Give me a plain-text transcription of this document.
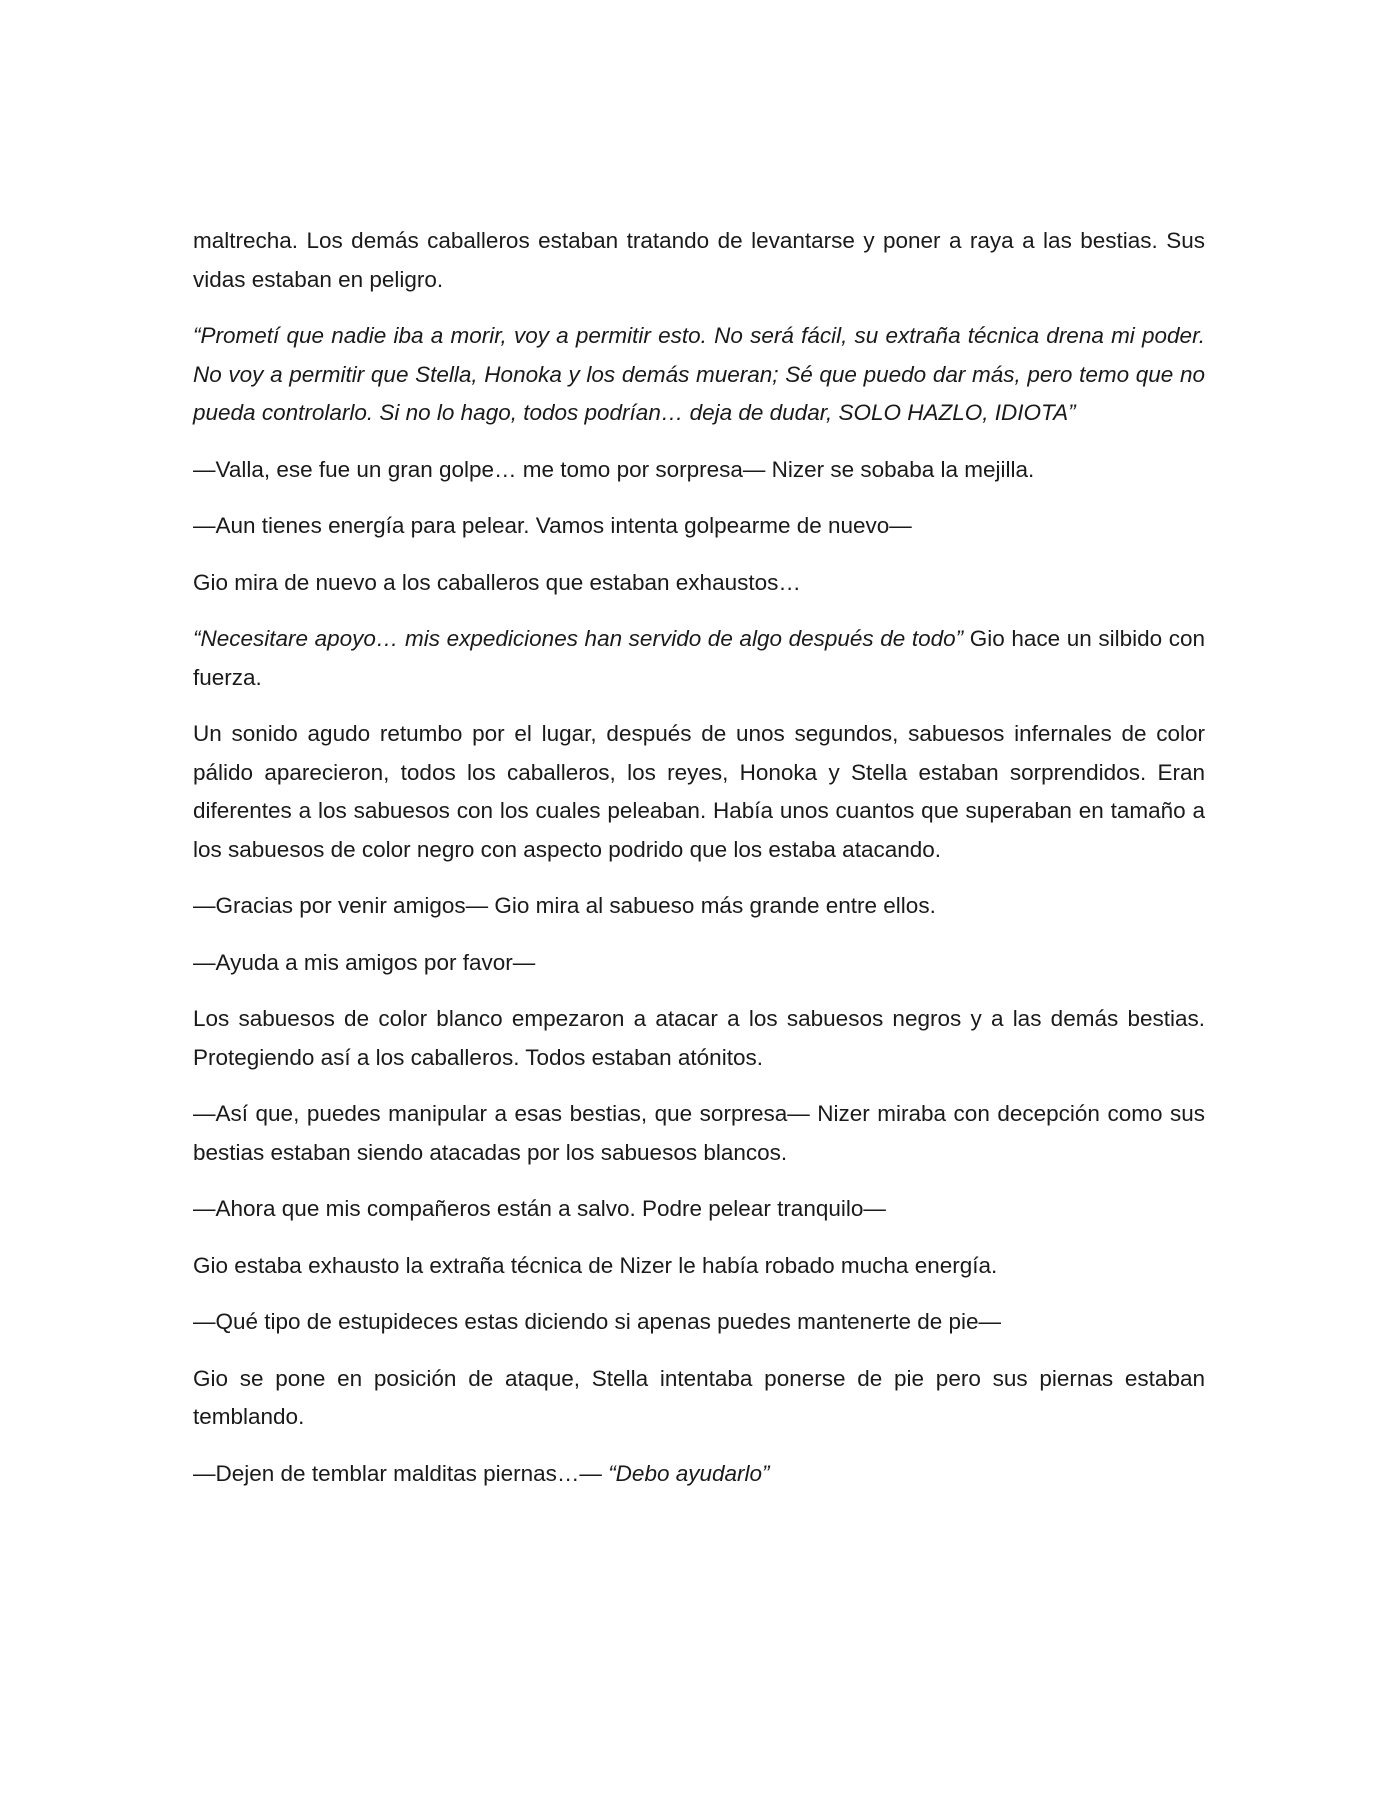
maltrecha. Los demás caballeros estaban tratando de levantarse y poner a raya a las bestias. Sus vidas estaban en peligro.

“Prometí que nadie iba a morir, voy a permitir esto. No será fácil, su extraña técnica drena mi poder. No voy a permitir que Stella, Honoka y los demás mueran; Sé que puedo dar más, pero temo que no pueda controlarlo. Si no lo hago, todos podrían… deja de dudar, SOLO HAZLO, IDIOTA”

—Valla, ese fue un gran golpe… me tomo por sorpresa— Nizer se sobaba la mejilla.

—Aun tienes energía para pelear. Vamos intenta golpearme de nuevo—

Gio mira de nuevo a los caballeros que estaban exhaustos…

“Necesitare apoyo… mis expediciones han servido de algo después de todo” Gio hace un silbido con fuerza.

Un sonido agudo retumbo por el lugar, después de unos segundos, sabuesos infernales de color pálido aparecieron, todos los caballeros, los reyes, Honoka y Stella estaban sorprendidos. Eran diferentes a los sabuesos con los cuales peleaban. Había unos cuantos que superaban en tamaño a los sabuesos de color negro con aspecto podrido que los estaba atacando.

—Gracias por venir amigos— Gio mira al sabueso más grande entre ellos.

—Ayuda a mis amigos por favor—

Los sabuesos de color blanco empezaron a atacar a los sabuesos negros y a las demás bestias. Protegiendo así a los caballeros. Todos estaban atónitos.

—Así que, puedes manipular a esas bestias, que sorpresa— Nizer miraba con decepción como sus bestias estaban siendo atacadas por los sabuesos blancos.

—Ahora que mis compañeros están a salvo. Podre pelear tranquilo—

Gio estaba exhausto la extraña técnica de Nizer le había robado mucha energía.

—Qué tipo de estupideces estas diciendo si apenas puedes mantenerte de pie—

Gio se pone en posición de ataque, Stella intentaba ponerse de pie pero sus piernas estaban temblando.

—Dejen de temblar malditas piernas…— “Debo ayudarlo”
